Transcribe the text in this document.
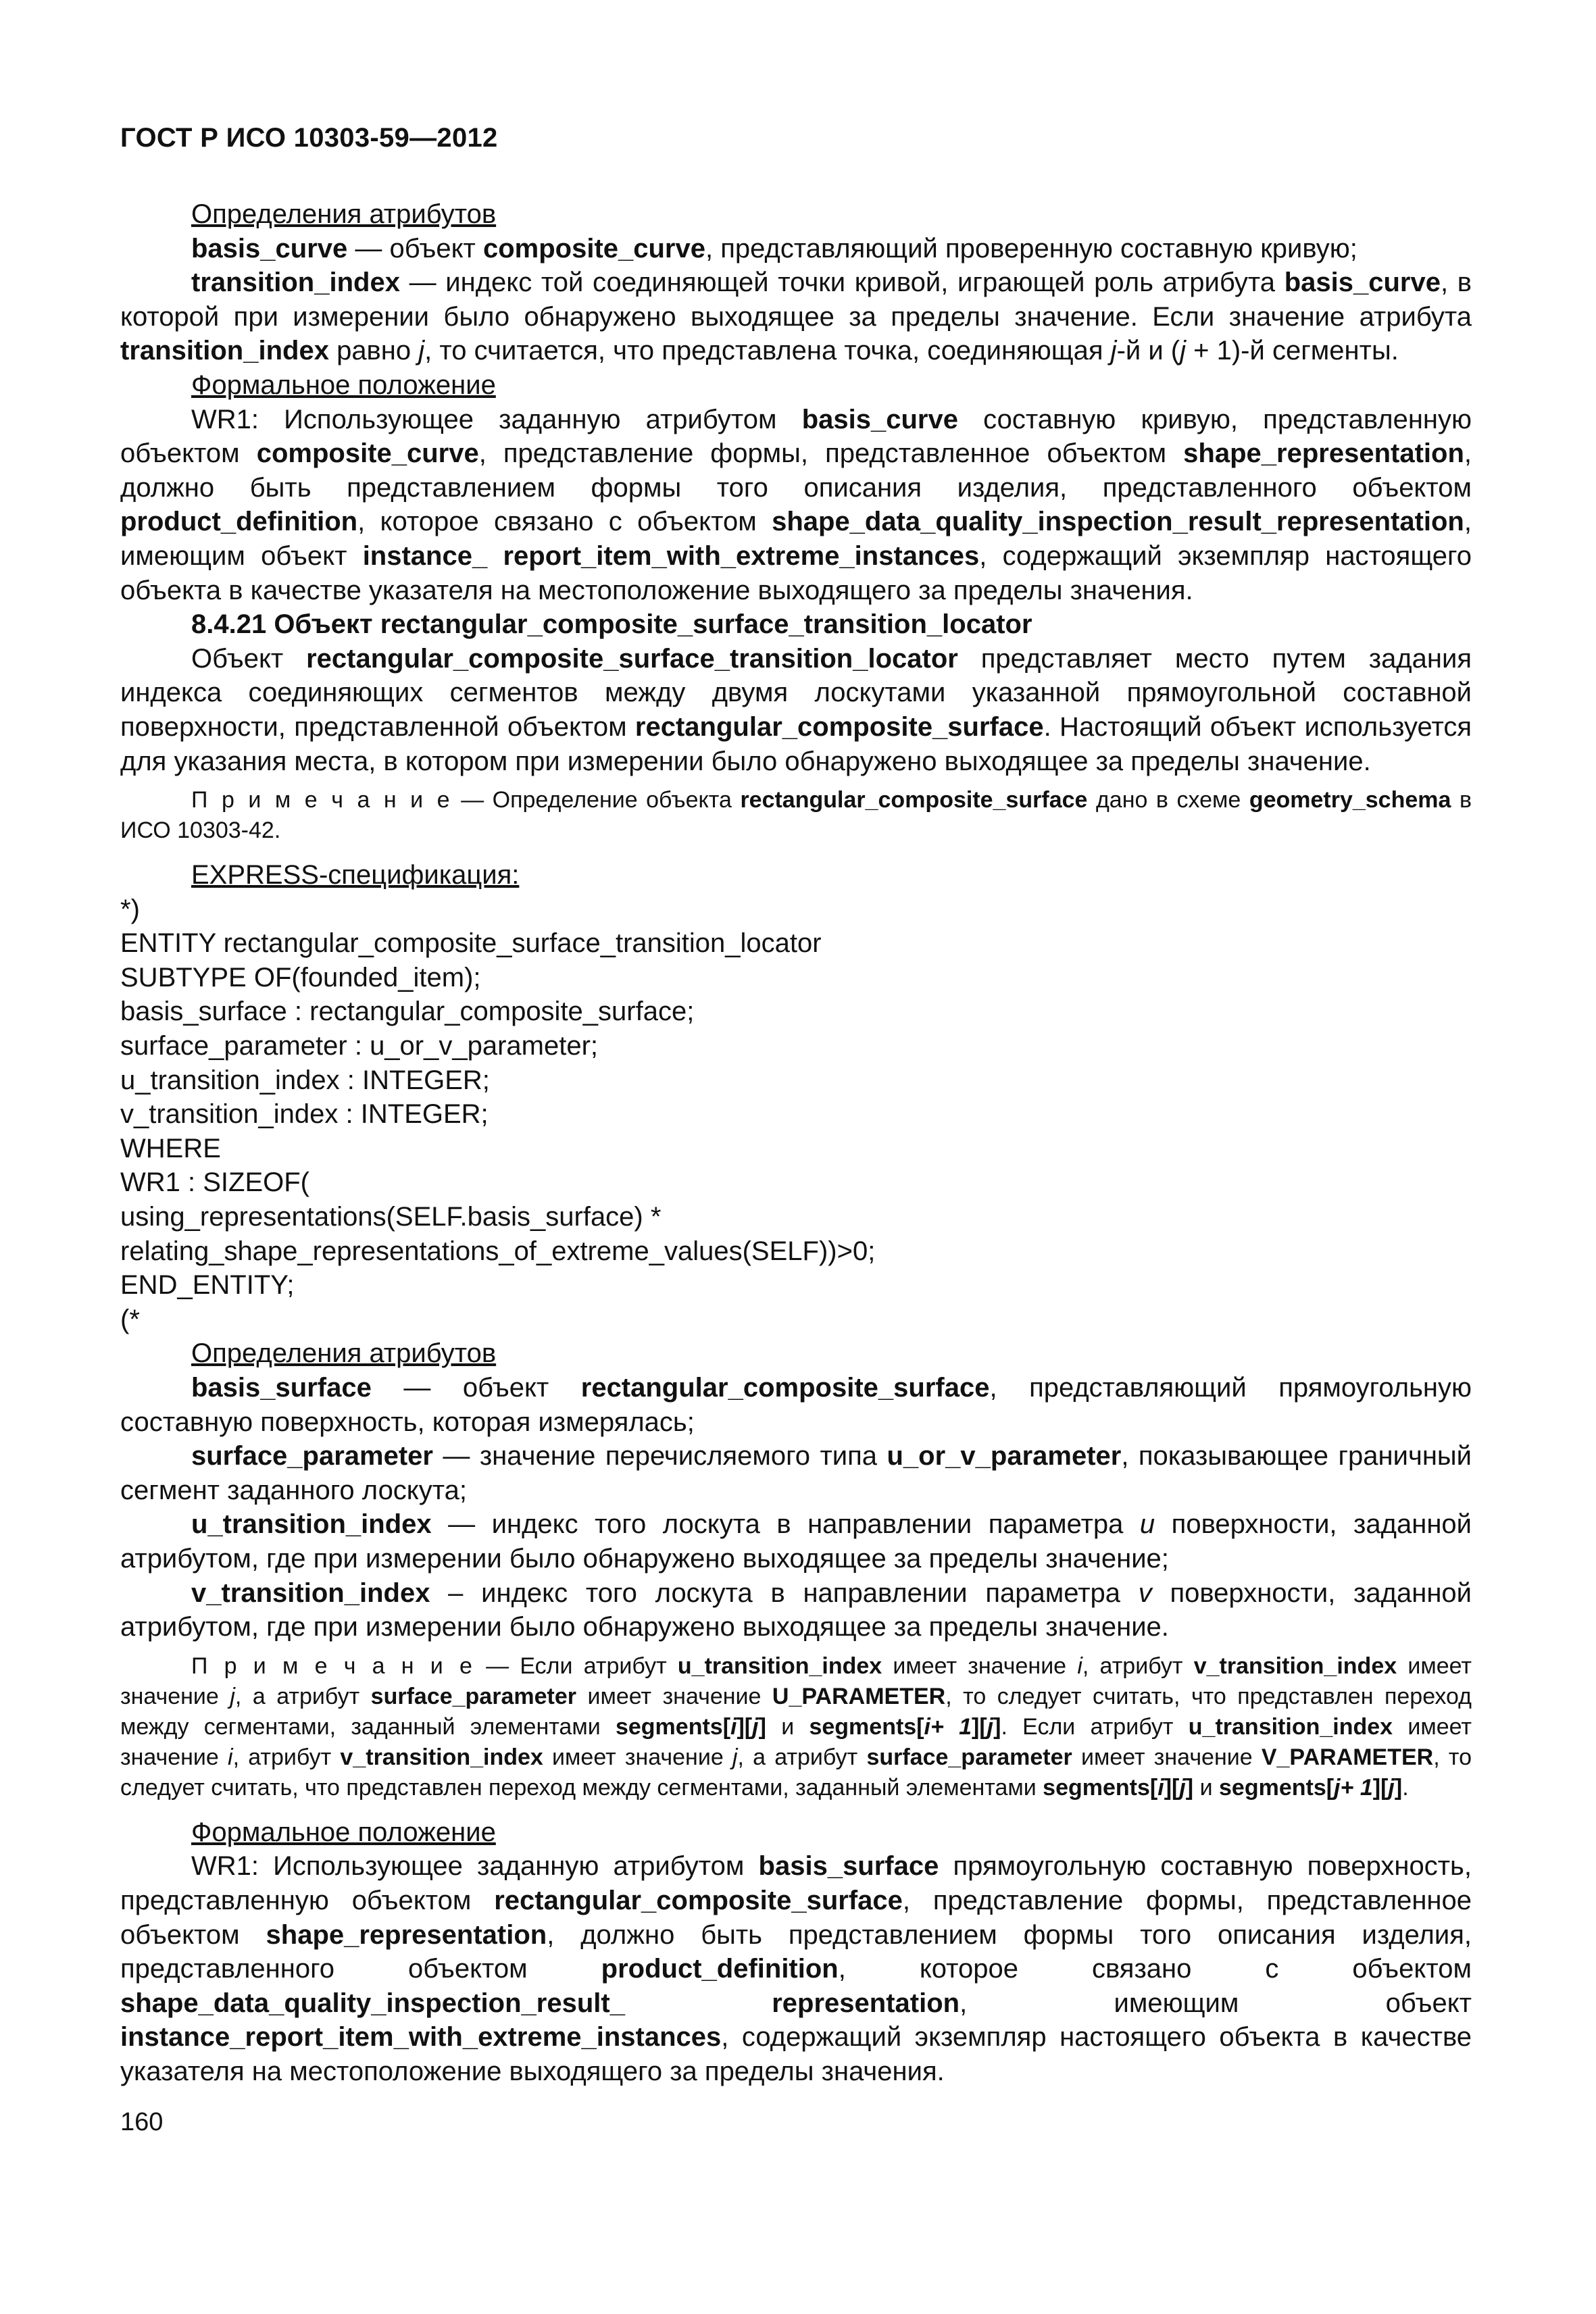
ГОСТ Р ИСО 10303-59—2012
Определения атрибутов

basis_curve — объект composite_curve, представляющий проверенную составную кривую;

transition_index — индекс той соединяющей точки кривой, играющей роль атрибута basis_curve, в которой при измерении было обнаружено выходящее за пределы значение. Если значение атрибута transition_index равно j, то считается, что представлена точка, соединяющая j-й и (j + 1)-й сегменты.

Формальное положение

WR1: Использующее заданную атрибутом basis_curve составную кривую, представленную объектом composite_curve, представление формы, представленное объектом shape_representation, должно быть представлением формы того описания изделия, представленного объектом product_definition, которое связано с объектом shape_data_quality_inspection_result_representation, имеющим объект instance_ report_item_with_extreme_instances, содержащий экземпляр настоящего объекта в качестве указателя на местоположение выходящего за пределы значения.

8.4.21 Объект rectangular_composite_surface_transition_locator

Объект rectangular_composite_surface_transition_locator представляет место путем задания индекса соединяющих сегментов между двумя лоскутами указанной прямоугольной составной поверхности, представленной объектом rectangular_composite_surface. Настоящий объект используется для указания места, в котором при измерении было обнаружено выходящее за пределы значение.

П р и м е ч а н и е — Определение объекта rectangular_composite_surface дано в схеме geometry_schema в ИСО 10303-42.

EXPRESS-спецификация:
*)
ENTITY rectangular_composite_surface_transition_locator
SUBTYPE OF(founded_item);
basis_surface : rectangular_composite_surface;
surface_parameter : u_or_v_parameter;
u_transition_index : INTEGER;
v_transition_index : INTEGER;
WHERE
WR1 : SIZEOF(
using_representations(SELF.basis_surface) *
relating_shape_representations_of_extreme_values(SELF))>0;
END_ENTITY;
(*
Определения атрибутов

basis_surface — объект rectangular_composite_surface, представляющий прямоугольную составную поверхность, которая измерялась;

surface_parameter — значение перечисляемого типа u_or_v_parameter, показывающее граничный сегмент заданного лоскута;

u_transition_index — индекс того лоскута в направлении параметра u поверхности, заданной атрибутом, где при измерении было обнаружено выходящее за пределы значение;

v_transition_index – индекс того лоскута в направлении параметра v поверхности, заданной атрибутом, где при измерении было обнаружено выходящее за пределы значение.

П р и м е ч а н и е — Если атрибут u_transition_index имеет значение i, атрибут v_transition_index имеет значение j, а атрибут surface_parameter имеет значение U_PARAMETER, то следует считать, что представлен переход между сегментами, заданный элементами segments[i][j] и segments[i+ 1][j]. Если атрибут u_transition_index имеет значение i, атрибут v_transition_index имеет значение j, а атрибут surface_parameter имеет значение V_PARAMETER, то следует считать, что представлен переход между сегментами, заданный элементами segments[i][j] и segments[j+ 1][j].

Формальное положение

WR1: Использующее заданную атрибутом basis_surface прямоугольную составную поверхность, представленную объектом rectangular_composite_surface, представление формы, представленное объектом shape_representation, должно быть представлением формы того описания изделия, представленного объектом product_definition, которое связано с объектом shape_data_quality_inspection_result_ representation, имеющим объект instance_report_item_with_extreme_instances, содержащий экземпляр настоящего объекта в качестве указателя на местоположение выходящего за пределы значения.

160
